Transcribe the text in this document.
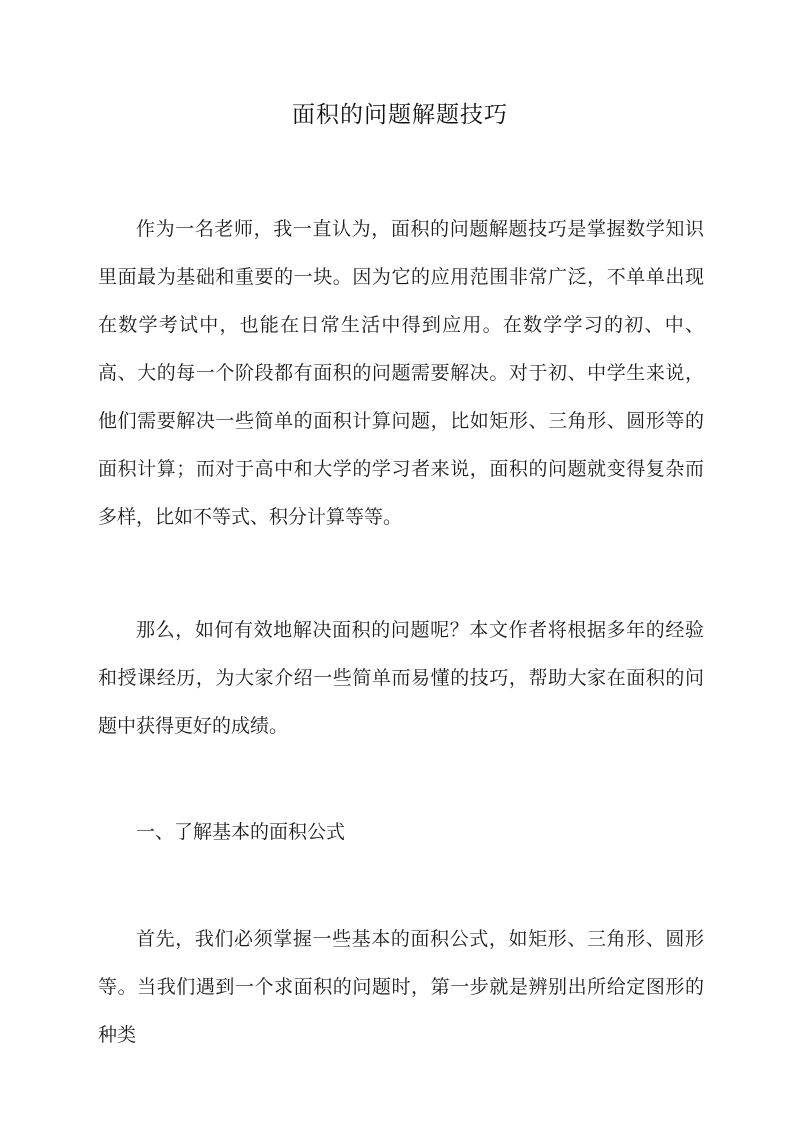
面积的问题解题技巧

作为一名老师，我一直认为，面积的问题解题技巧是掌握数学知识里面最为基础和重要的一块。因为它的应用范围非常广泛，不单单出现在数学考试中，也能在日常生活中得到应用。在数学学习的初、中、高、大的每一个阶段都有面积的问题需要解决。对于初、中学生来说，他们需要解决一些简单的面积计算问题，比如矩形、三角形、圆形等的面积计算；而对于高中和大学的学习者来说，面积的问题就变得复杂而多样，比如不等式、积分计算等等。

那么，如何有效地解决面积的问题呢？本文作者将根据多年的经验和授课经历，为大家介绍一些简单而易懂的技巧，帮助大家在面积的问题中获得更好的成绩。

一、了解基本的面积公式

首先，我们必须掌握一些基本的面积公式，如矩形、三角形、圆形等。当我们遇到一个求面积的问题时，第一步就是辨别出所给定图形的种类
